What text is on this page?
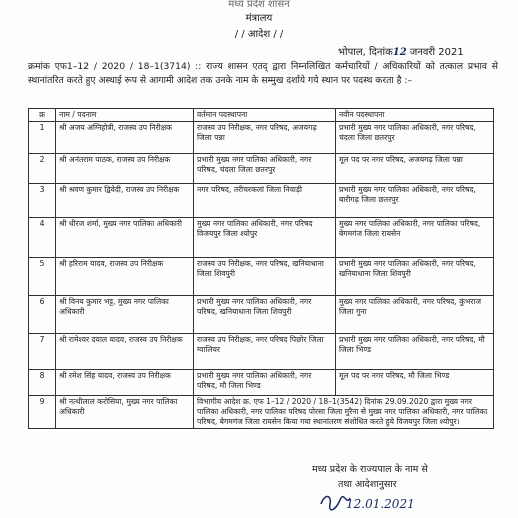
मध्य प्रदेश शासन
मंत्रालय
/ / आदेश / /
भोपाल, दिनांक12 जनवरी 2021
क्रमांक एफ1–12 / 2020 / 18–1(3714) :: राज्य शासन एतद् द्वारा निम्नलिखित कर्मचारियों / अधिकारियों को तत्काल प्रभाव से स्थानांतरित करते हुए अस्थाई रूप से आगामी आदेश तक उनके नाम के सम्मुख दर्शाये गये स्थान पर पदस्थ करता है :–
क्र	नाम / पदनाम	वर्तमान पदस्थापना	नवीन पदस्थापना
1	श्री अजय अग्निहोत्री, राजस्व उप निरीक्षक	राजस्व उप निरीक्षक, नगर परिषद, अजयगढ़ जिला पन्ना	प्रभारी मुख्य नगर पालिका अधिकारी, नगर परिषद, चंदला जिला छतरपुर
2	श्री अनंतराम पाठक, राजस्व उप निरीक्षक	प्रभारी मुख्य नगर पालिका अधिकारी, नगर परिषद, चंदला जिला छतरपुर	मूल पद पर नगर परिषद, अजयगढ़ जिला पन्ना
3	श्री श्रवण कुमार द्विवेदी, राजस्व उप निरीक्षक	नगर परिषद, तरीचरकलां जिला निवाड़ी	प्रभारी मुख्य नगर पालिका अधिकारी, नगर परिषद, बारीगढ़ जिला छतरपुर
4	श्री धीरज शर्मा, मुख्य नगर पालिका अधिकारी	मुख्य नगर पालिका अधिकारी, नगर परिषद विजयपुर जिला श्योपुर	मुख्य नगर पालिका अधिकारी, नगर पालिका परिषद, बेगमगंज जिला रायसेन
5	श्री हरिराम यादव, राजस्व उप निरीक्षक	राजस्व उप निरीक्षक, नगर परिषद, खनियाधाना जिला शिवपुरी	प्रभारी मुख्य नगर पालिका अधिकारी, नगर परिषद, खनियाधाना जिला शिवपुरी
6	श्री विनय कुमार भट्ट, मुख्य नगर पालिका अधिकारी	प्रभारी मुख्य नगर पालिका अधिकारी, नगर परिषद, खनियाधाना जिला शिवपुरी	मुख्य नगर पालिका अधिकारी, नगर परिषद, कुंभराज जिला गुना
7	श्री रामेश्वर दयाल यादव, राजस्व उप निरीक्षक	राजस्व उप निरीक्षक, नगर परिषद पिछोर जिला ग्वालियर	प्रभारी मुख्य नगर पालिका अधिकारी, नगर परिषद, मौ जिला भिण्ड
8	श्री रमेश सिंह यादव, राजस्व उप निरीक्षक	प्रभारी मुख्य नगर पालिका अधिकारी, नगर परिषद, मौ जिला भिण्ड	मूल पद पर नगर परिषद, मौ जिला भिण्ड
9	श्री नत्थीलाल करोसिया, मुख्य नगर पालिका अधिकारी	विभागीय आदेश क्र. एफ 1–12 / 2020 / 18–1(3542) दिनांक 29.09.2020 द्वारा मुख्य नगर पालिका अधिकारी, नगर पालिका परिषद पोरसा जिला मुरैना से मुख्य नगर पालिका अधिकारी, नगर पालिका परिषद, बेगमगंज जिला रायसेन किया गया स्थानांतरण संशोधित करते हुये विजयपुर जिला श्योपुर।	
मध्य प्रदेश के राज्यपाल के नाम से
तथा आदेशानुसार
12.01.2021
